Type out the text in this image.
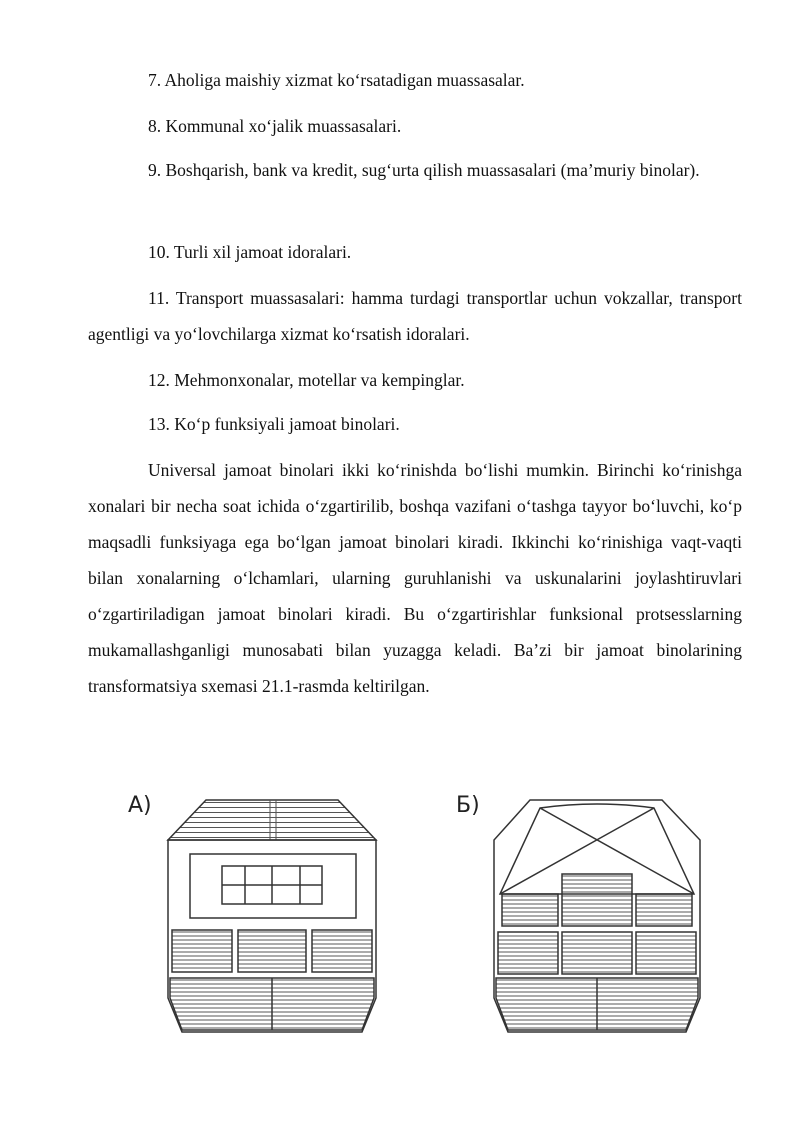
7. Aholiga maishiy xizmat ko‘rsatadigan muassasalar.

8. Kommunal xo‘jalik muassasalari.

9. Boshqarish, bank va kredit, sug‘urta qilish muassasalari (ma’muriy binolar).

10. Turli xil jamoat idoralari.

11. Transport muassasalari: hamma turdagi transportlar uchun vokzallar, transport agentligi va yo‘lovchilarga xizmat ko‘rsatish idoralari.

12. Mehmonxonalar, motellar va kempinglar.

13. Ko‘p funksiyali jamoat binolari.

Universal jamoat binolari ikki ko‘rinishda bo‘lishi mumkin. Birinchi ko‘rinishga xonalari bir necha soat ichida o‘zgartirilib, boshqa vazifani o‘tashga tayyor bo‘luvchi, ko‘p maqsadli funksiyaga ega bo‘lgan jamoat binolari kiradi. Ikkinchi ko‘rinishiga vaqt-vaqti bilan xonalarning o‘lchamlari, ularning guruhlanishi va uskunalarini joylashtiruvlari o‘zgartiriladigan jamoat binolari kiradi. Bu o‘zgartirishlar funksional protsesslarning mukamallashganligi munosabati bilan yuzagga keladi. Ba’zi bir jamoat binolarining transformatsiya sxemasi 21.1-rasmda keltirilgan.

А)	Б)
